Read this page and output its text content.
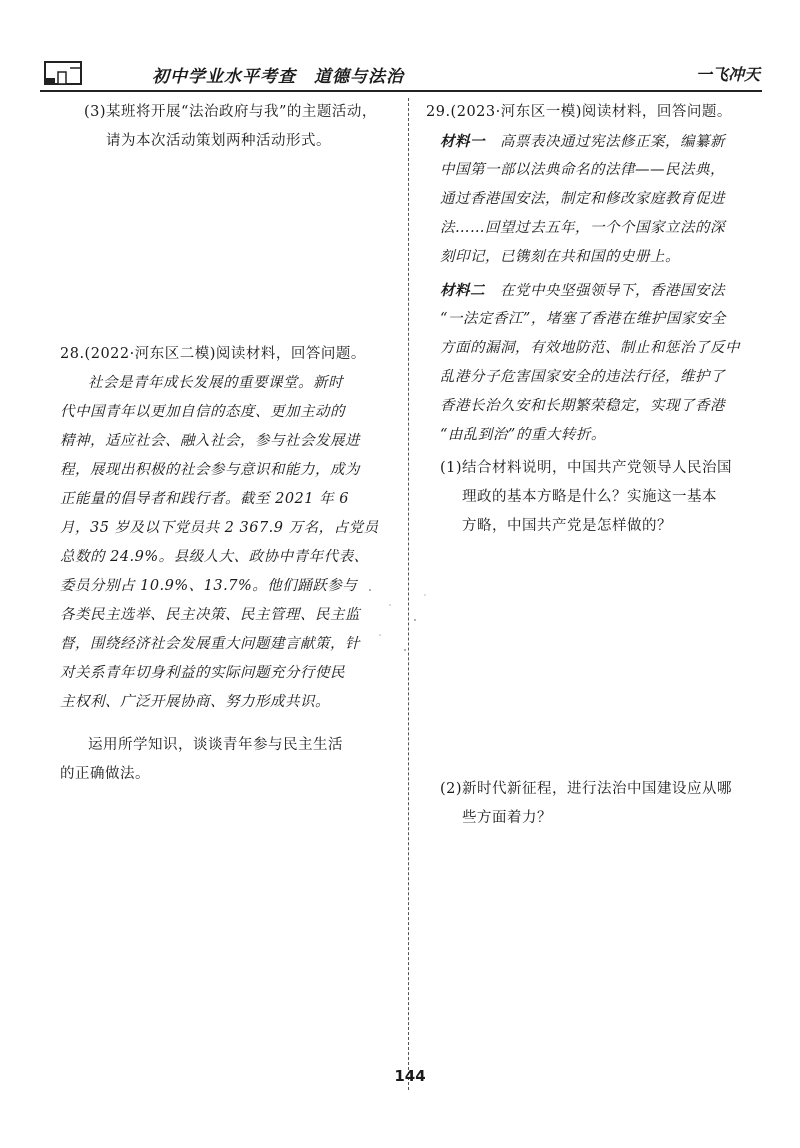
初中学业水平考查　道德与法治	一飞冲天
(3)某班将开展“法治政府与我”的主题活动，
请为本次活动策划两种活动形式。
28.(2022·河东区二模)阅读材料，回答问题。
社会是青年成长发展的重要课堂。新时
代中国青年以更加自信的态度、更加主动的
精神，适应社会、融入社会，参与社会发展进
程，展现出积极的社会参与意识和能力，成为
正能量的倡导者和践行者。截至 2021 年 6
月，35 岁及以下党员共 2 367.9 万名，占党员
总数的 24.9%。县级人大、政协中青年代表、
委员分别占 10.9%、13.7%。他们踊跃参与
各类民主选举、民主决策、民主管理、民主监
督，围绕经济社会发展重大问题建言献策，针
对关系青年切身利益的实际问题充分行使民
主权利、广泛开展协商、努力形成共识。
运用所学知识，谈谈青年参与民主生活
的正确做法。
29.(2023·河东区一模)阅读材料，回答问题。
材料一　 高票表决通过宪法修正案，编纂新
中国第一部以法典命名的法律——民法典，
通过香港国安法，制定和修改家庭教育促进
法……回望过去五年，一个个国家立法的深
刻印记，已镌刻在共和国的史册上。
材料二　 在党中央坚强领导下，香港国安法
“一法定香江”，堵塞了香港在维护国家安全
方面的漏洞，有效地防范、制止和惩治了反中
乱港分子危害国家安全的违法行径，维护了
香港长治久安和长期繁荣稳定，实现了香港
“由乱到治”的重大转折。
(1)结合材料说明，中国共产党领导人民治国
理政的基本方略是什么？实施这一基本
方略，中国共产党是怎样做的？
(2)新时代新征程，进行法治中国建设应从哪
些方面着力？
144
